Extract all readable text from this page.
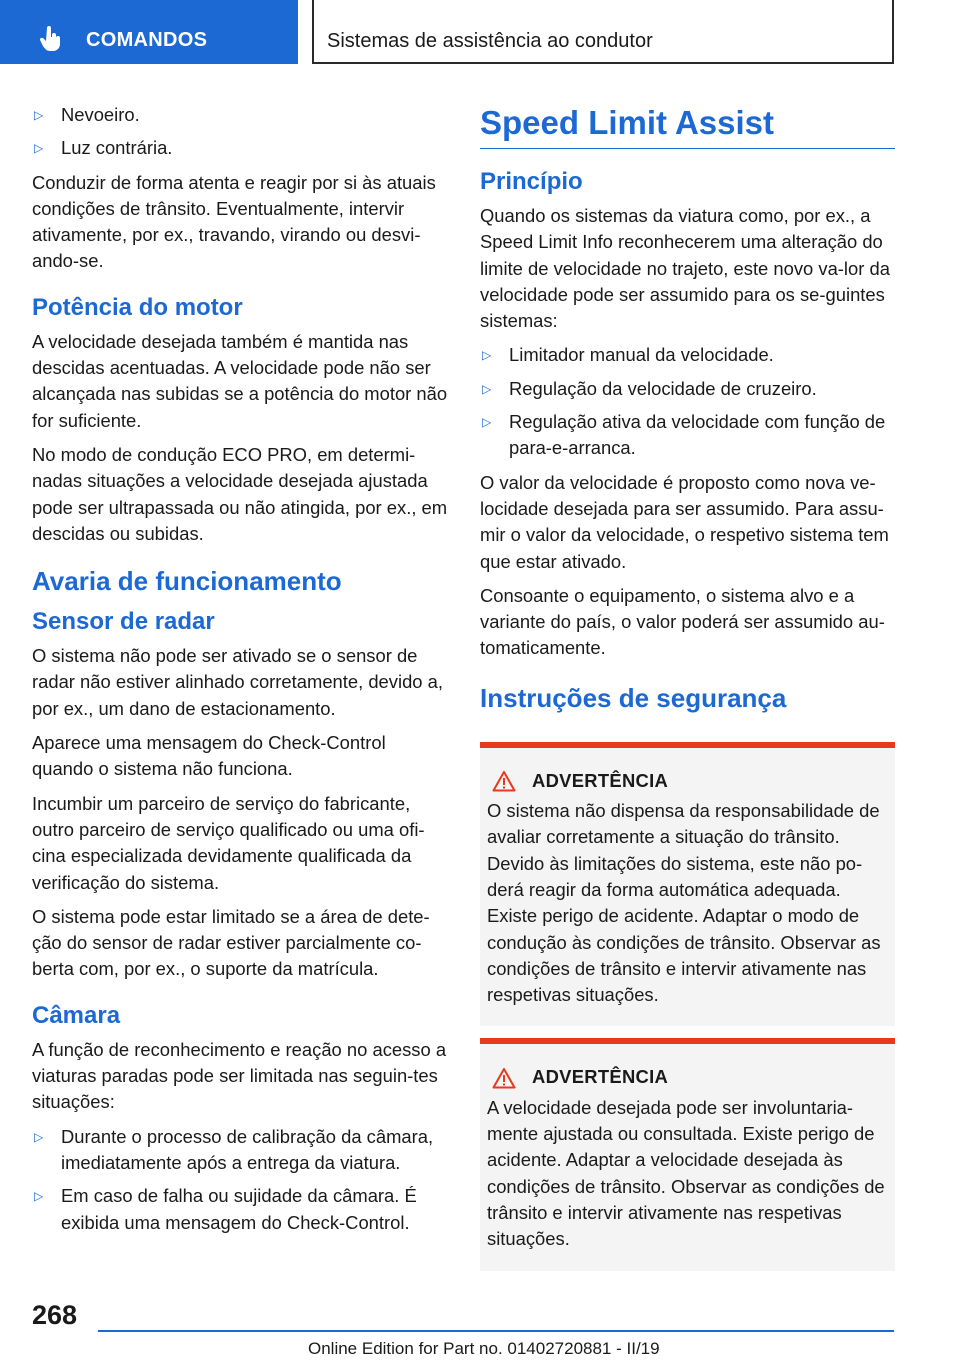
COMANDOS	Sistemas de assistência ao condutor
▷ Nevoeiro.
▷ Luz contrária.

Conduzir de forma atenta e reagir por si às atuais condições de trânsito. Eventualmente, intervir ativamente, por ex., travando, virando ou desvi-ando-se.

Potência do motor

A velocidade desejada também é mantida nas descidas acentuadas. A velocidade pode não ser alcançada nas subidas se a potência do motor não for suficiente.

No modo de condução ECO PRO, em determi-nadas situações a velocidade desejada ajustada pode ser ultrapassada ou não atingida, por ex., em descidas ou subidas.

Avaria de funcionamento
Sensor de radar

O sistema não pode ser ativado se o sensor de radar não estiver alinhado corretamente, devido a, por ex., um dano de estacionamento.

Aparece uma mensagem do Check-Control quando o sistema não funciona.

Incumbir um parceiro de serviço do fabricante, outro parceiro de serviço qualificado ou uma ofi-cina especializada devidamente qualificada da verificação do sistema.

O sistema pode estar limitado se a área de dete-ção do sensor de radar estiver parcialmente co-berta com, por ex., o suporte da matrícula.

Câmara

A função de reconhecimento e reação no acesso a viaturas paradas pode ser limitada nas seguin-tes situações:

▷ Durante o processo de calibração da câmara, imediatamente após a entrega da viatura.
▷ Em caso de falha ou sujidade da câmara. É exibida uma mensagem do Check-Control.
Speed Limit Assist
Princípio

Quando os sistemas da viatura como, por ex., a Speed Limit Info reconhecerem uma alteração do limite de velocidade no trajeto, este novo va-lor da velocidade pode ser assumido para os se-guintes sistemas:

▷ Limitador manual da velocidade.
▷ Regulação da velocidade de cruzeiro.
▷ Regulação ativa da velocidade com função de para-e-arranca.

O valor da velocidade é proposto como nova ve-locidade desejada para ser assumido. Para assu-mir o valor da velocidade, o respetivo sistema tem que estar ativado.

Consoante o equipamento, o sistema alvo e a variante do país, o valor poderá ser assumido au-tomaticamente.

Instruções de segurança
ADVERTÊNCIA

O sistema não dispensa da responsabilidade de avaliar corretamente a situação do trânsito. Devido às limitações do sistema, este não po-derá reagir da forma automática adequada. Existe perigo de acidente. Adaptar o modo de condução às condições de trânsito. Observar as condições de trânsito e intervir ativamente nas respetivas situações.

ADVERTÊNCIA

A velocidade desejada pode ser involuntaria-mente ajustada ou consultada. Existe perigo de acidente. Adaptar a velocidade desejada às condições de trânsito. Observar as condições de trânsito e intervir ativamente nas respetivas situações.

268
Online Edition for Part no. 01402720881 - II/19
